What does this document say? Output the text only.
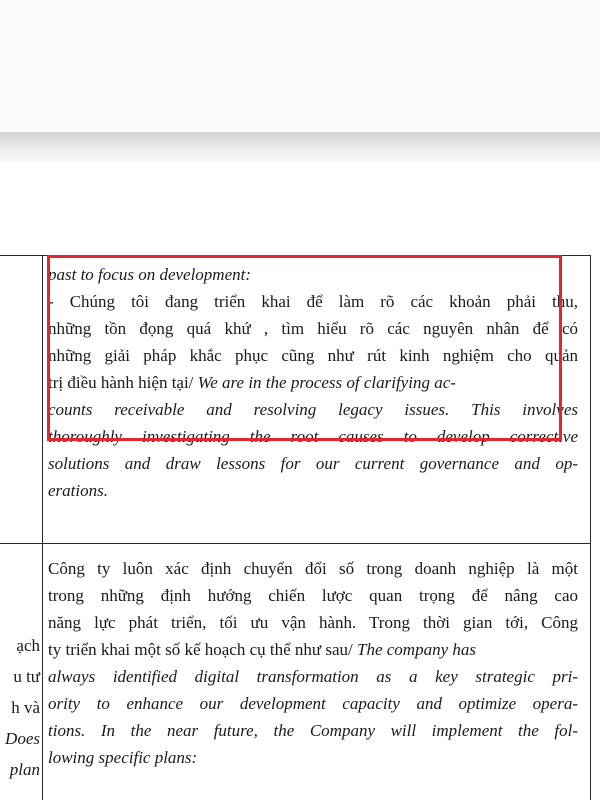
ạch
u tư
h và
Does
plan

past to focus on development:

- Chúng tôi đang triển khai để làm rõ các khoản phải thu,

những tồn đọng quá khứ , tìm hiểu rõ các nguyên nhân để có

những giải pháp khắc phục cũng như rút kinh nghiệm cho quản

trị điều hành hiện tại/ We are in the process of clarifying ac-

counts receivable and resolving legacy issues. This involves

thoroughly investigating the root causes to develop corrective

solutions and draw lessons for our current governance and op-

erations.

Công ty luôn xác định chuyển đổi số trong doanh nghiệp là một

trong những định hướng chiến lược quan trọng để nâng cao

năng lực phát triển, tối ưu vận hành. Trong thời gian tới, Công

ty triển khai một số kế hoạch cụ thể như sau/ The company has

always identified digital transformation as a key strategic pri-

ority to enhance our development capacity and optimize opera-

tions. In the near future, the Company will implement the fol-

lowing specific plans:
